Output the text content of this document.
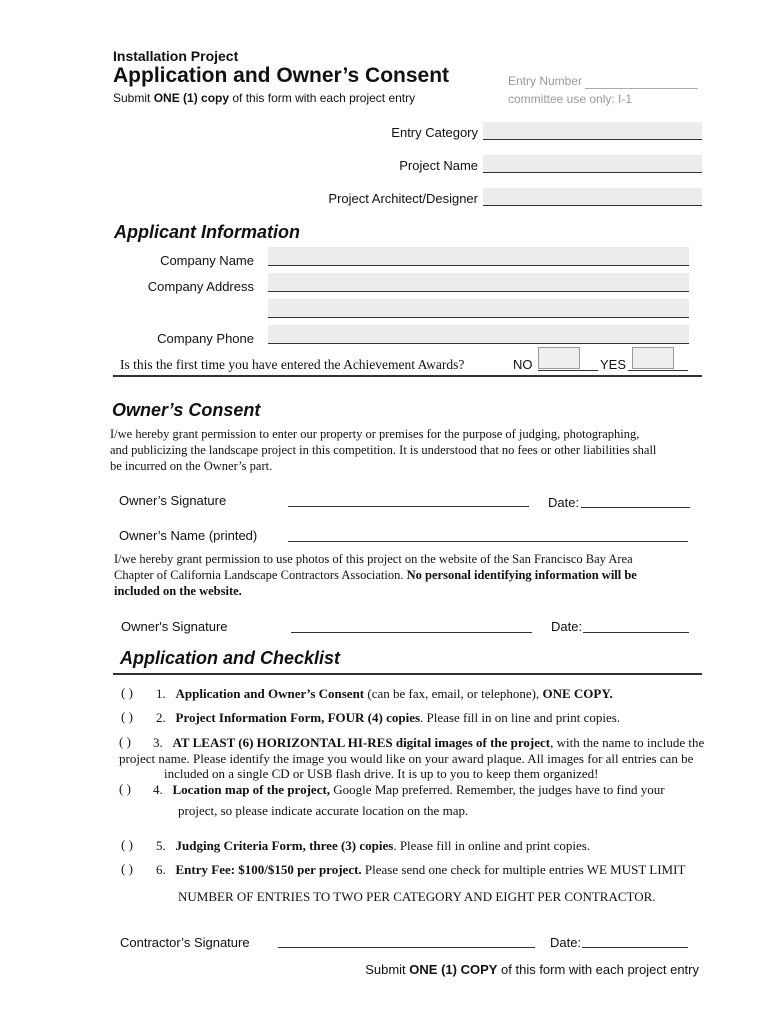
Installation Project
Application and Owner’s Consent
Submit ONE (1) copy of this form with each project entry
Entry Number
committee use only: I-1
Entry Category
Project Name
Project Architect/Designer
Applicant Information
Company Name
Company Address
Company Phone
Is this the first time you have entered the Achievement Awards?	NO	YES
Owner’s Consent
I/we hereby grant permission to enter our property or premises for the purpose of judging, photographing,
and publicizing the landscape project in this competition. It is understood that no fees or other liabilities shall
be incurred on the Owner’s part.
Owner’s Signature	Date:
Owner’s Name (printed)
I/we hereby grant permission to use photos of this project on the website of the San Francisco Bay Area
Chapter of California Landscape Contractors Association. No personal identifying information will be
included on the website.
Owner's Signature	Date:
Application and Checklist
( ) 1. Application and Owner’s Consent (can be fax, email, or telephone), ONE COPY.
( ) 2. Project Information Form, FOUR (4) copies. Please fill in on line and print copies.
( ) 3. AT LEAST (6) HORIZONTAL HI-RES digital images of the project, with the name to include the
project name. Please identify the image you would like on your award plaque. All images for all entries can be
included on a single CD or USB flash drive. It is up to you to keep them organized!
( ) 4. Location map of the project, Google Map preferred. Remember, the judges have to find your
project, so please indicate accurate location on the map.
( ) 5. Judging Criteria Form, three (3) copies. Please fill in online and print copies.
( ) 6. Entry Fee: $100/$150 per project. Please send one check for multiple entries WE MUST LIMIT
NUMBER OF ENTRIES TO TWO PER CATEGORY AND EIGHT PER CONTRACTOR.
Contractor’s Signature	Date:
Submit ONE (1) COPY of this form with each project entry
